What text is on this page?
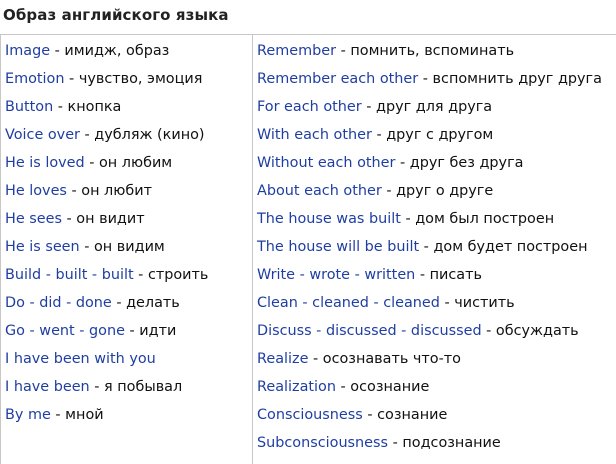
Образ английского языка
Image - имидж, образ
Emotion - чувство, эмоция
Button - кнопка
Voice over - дубляж (кино)
He is loved - он любим
He loves - он любит
He sees - он видит
He is seen - он видим
Build - built - built - строить
Do - did - done - делать
Go - went - gone - идти
I have been with you
I have been - я побывал
By me - мной
Remember - помнить, вспоминать
Remember each other - вспомнить друг друга
For each other - друг для друга
With each other - друг с другом
Without each other - друг без друга
About each other - друг о друге
The house was built - дом был построен
The house will be built - дом будет построен
Write - wrote - written - писать
Clean - cleaned - cleaned - чистить
Discuss - discussed - discussed - обсуждать
Realize - осознавать что-то
Realization - осознание
Consciousness - сознание
Subconsciousness - подсознание
